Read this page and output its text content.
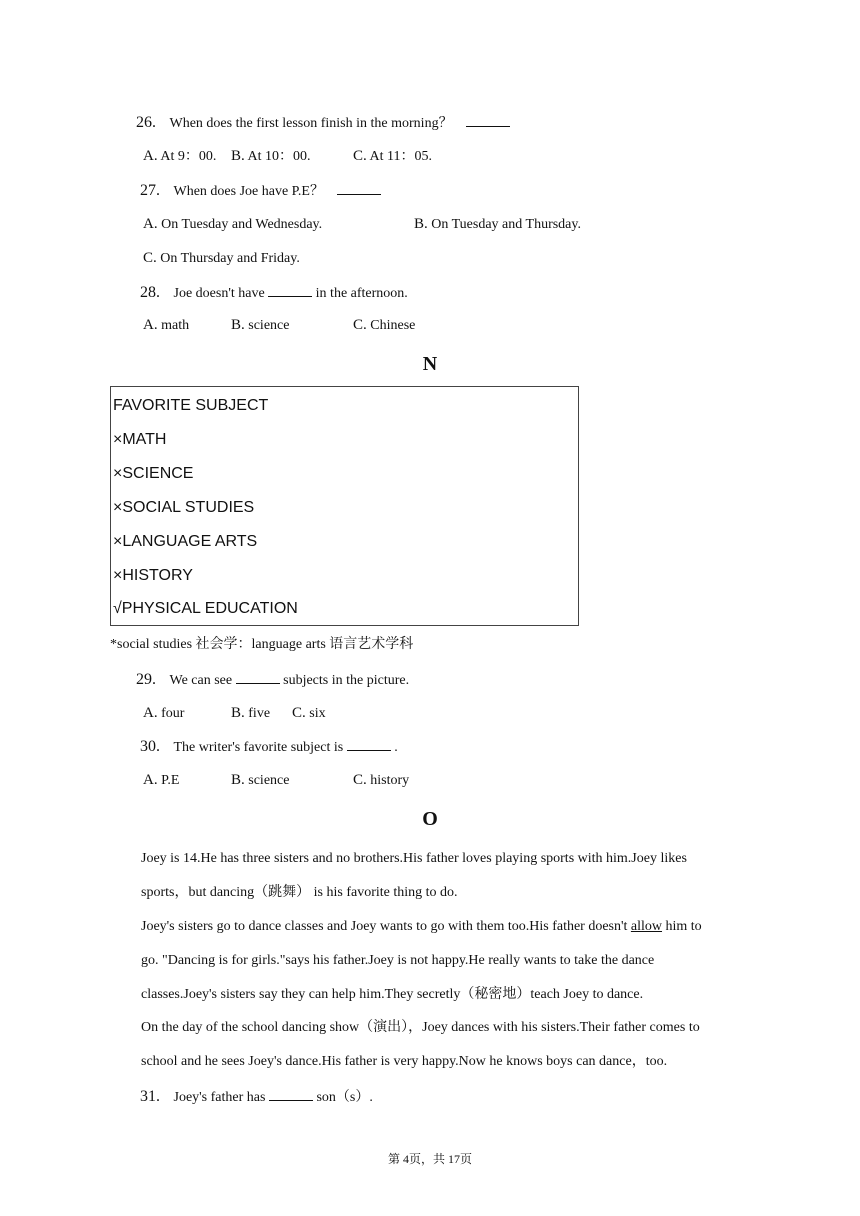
26. When does the first lesson finish in the morning？
A. At 9：00. B. At 10：00.	C. At 11：05.
27. When does Joe have P.E？
A. On Tuesday and Wednesday.	B. On Tuesday and Thursday.
C. On Thursday and Friday.
28. Joe doesn't have	in the afternoon.
A. math	B. science	C. Chinese
N
FAVORITE SUBJECT
×MATH
×SCIENCE
×SOCIAL STUDIES
×LANGUAGE ARTS
×HISTORY
√PHYSICAL EDUCATION
*social studies 社会学：language arts 语言艺术学科
29. We can see	subjects in the picture.
A. four	B. five C. six
30. The writer's favorite subject is	.
A. P.E	B. science	C. history
O
Joey is 14.He has three sisters and no brothers.His father loves playing sports with him.Joey likes
sports，but dancing（跳舞） is his favorite thing to do.
Joey's sisters go to dance classes and Joey wants to go with them too.His father doesn't allow him to
go. "Dancing is for girls."says his father.Joey is not happy.He really wants to take the dance
classes.Joey's sisters say they can help him.They secretly（秘密地）teach Joey to dance.
On the day of the school dancing show（演出），Joey dances with his sisters.Their father comes to
school and he sees Joey's dance.His father is very happy.Now he knows boys can dance，too.
31. Joey's father has	son（s）.
第 4页，共 17页
